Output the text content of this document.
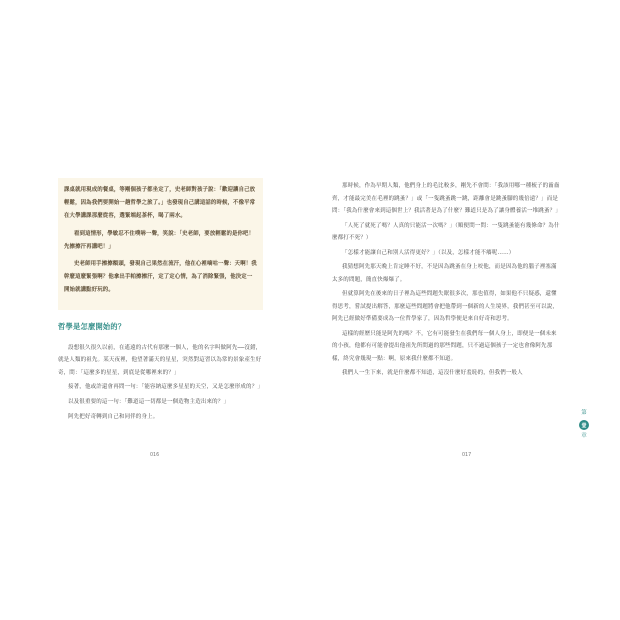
課桌就用現成的餐桌，等剛個孩子都坐定了，史老師對孩子說：「歡迎讓自己放輕鬆，因為我們要開始一趟哲學之旅了。」也發現自己講這話的時候，不像平常在大學講課那麼從容，選緊端起茶杯，喝了兩水。

看到這情形，學敏忍不住噗哧一聲，笑說：「史老師，要放輕鬆的是你吧！先擦擦汗再講吧！」

史老師用手擦擦額頭，發現自己果然在流汗，他在心裡嘀咕一聲：天啊！我幹麼這麼緊張啊？他拿出手帕擦擦汗，定了定心情，為了消除緊張，他決定一開始就講點好玩的。

哲學是怎麼開始的？

設想很久很久以前，在遙遠的古代有那麼一個人，他的名字叫做阿先──沒錯，就是人類的祖先。某天夜裡，他望著滿天的星星，突然對這習以為常的景象產生好奇，問：「這麼多的星星，到底是從哪裡來的？」

接著，他或許還會再問一句：「能容納這麼多星星的天空，又是怎麼形成的？」

以及很重要的這一句：「難道這一切都是一個造物主造出來的？」

阿先把好奇轉到自己和同伴的身上。

016

那時候，作為早期人類，他們身上的毛比較多，剛先不會問：「我該用哪一種梳子的齒齒齊，才能最完美在毛裡的跳蚤？」或「一隻跳蚤跳一跳，距離會是跳蚤腳的幾倍遠？」而是問：「我為什麼會來到這個世上？我活著是為了什麼？難道只是為了讓身體養活一堆跳蚤？」

「人死了就死了嗎？人真的只能活一次嗎？」（順便問一問：一隻跳蚤能有幾條命？為什麼都打不死？）

「怎樣才能讓自己和別人活得更好？」（以及，怎樣才能不癢呢……）

我猜想阿先那天晚上肯定睡不好，不是因為跳蚤在身上咬他，而是因為他的腦子裡塞滿太多的問題，簡直快爆爆了。

但就算阿先在後來的日子裡為這些問題失眠很多次，那也值得，如果他不只疑惑，還懂得思考，嘗試提出解答，那麼這些問題將會把他帶到一個新的人生境界，我們甚至可以說，阿先已經做好準備要成為一位哲學家了，因為哲學便是來自好奇和思考。

這樣的經歷只能是阿先的嗎？不，它有可能發生在我們每一個人身上，即便是一個未來的小孩，他都有可能會提出他祖先所問過的那些問題，只不過這個孩子一定也會像阿先那樣，終究會幾現一點：啊，原來我什麼都不知道。

我們人一生下來，就是什麼都不知道，這沒什麼好羞恥的，但我們一般人

第
壹
章
017
